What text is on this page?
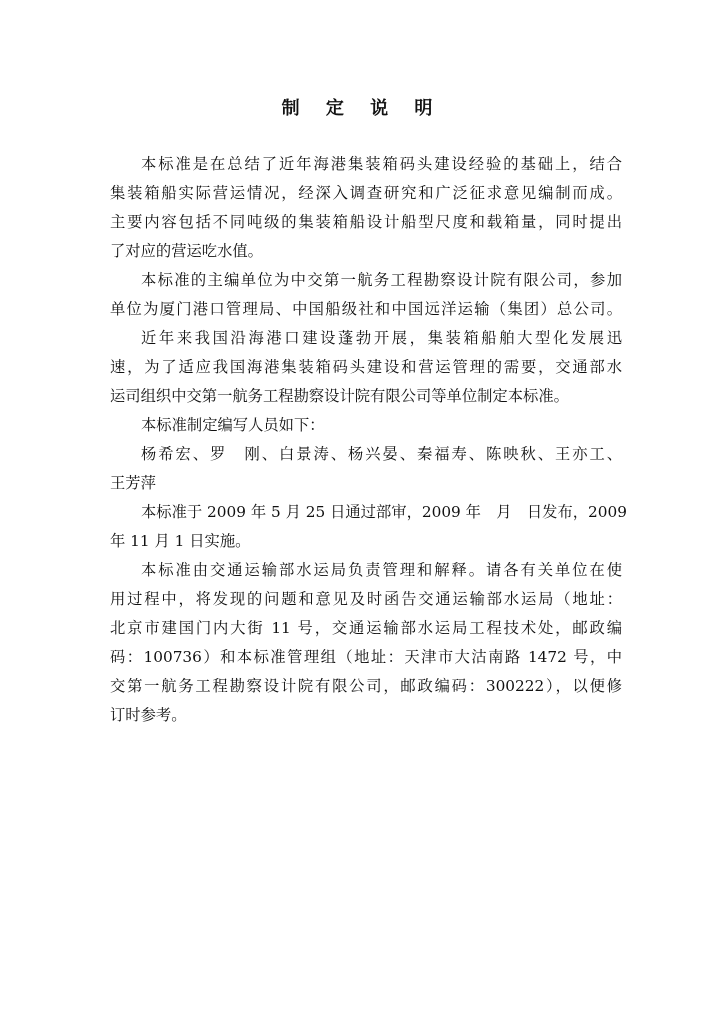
制 定 说 明
本标准是在总结了近年海港集装箱码头建设经验的基础上，结合
集装箱船实际营运情况，经深入调查研究和广泛征求意见编制而成。
主要内容包括不同吨级的集装箱船设计船型尺度和载箱量，同时提出
了对应的营运吃水值。
本标准的主编单位为中交第一航务工程勘察设计院有限公司，参加
单位为厦门港口管理局、中国船级社和中国远洋运输（集团）总公司。
近年来我国沿海港口建设蓬勃开展，集装箱船舶大型化发展迅
速，为了适应我国海港集装箱码头建设和营运管理的需要，交通部水
运司组织中交第一航务工程勘察设计院有限公司等单位制定本标准。
本标准制定编写人员如下：
杨希宏、罗　刚、白景涛、杨兴晏、秦福寿、陈映秋、王亦工、
王芳萍
本标准于 2009 年 5 月 25 日通过部审，2009 年　月　日发布，2009
年 11 月 1 日实施。
本标准由交通运输部水运局负责管理和解释。请各有关单位在使
用过程中，将发现的问题和意见及时函告交通运输部水运局（地址：
北京市建国门内大街 11 号，交通运输部水运局工程技术处，邮政编
码：100736）和本标准管理组（地址：天津市大沽南路 1472 号，中
交第一航务工程勘察设计院有限公司，邮政编码：300222），以便修
订时参考。
